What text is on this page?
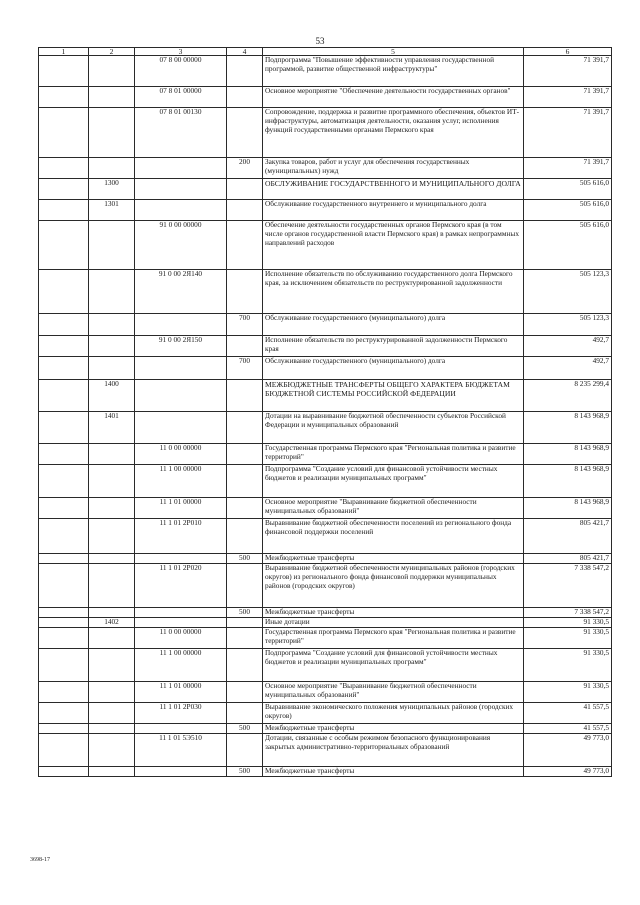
53
1	2	3	4	5	6
		07 8 00 00000		Подпрограмма "Повышение эффективности управления государственной программой, развитие общественной инфраструктуры"	71 391,7
		07 8 01 00000		Основное мероприятие "Обеспечение деятельности государственных органов"	71 391,7
		07 8 01 00130		Сопровождение, поддержка и развитие программного обеспечения, объектов ИТ-инфраструктуры, автоматизация деятельности, оказания услуг, исполнения функций государственными органами Пермского края	71 391,7
			200	Закупка товаров, работ и услуг для обеспечения государственных (муниципальных) нужд	71 391,7
	1300			ОБСЛУЖИВАНИЕ ГОСУДАРСТВЕННОГО И МУНИЦИПАЛЬНОГО ДОЛГА	505 616,0
	1301			Обслуживание государственного внутреннего и муниципального долга	505 616,0
		91 0 00 00000		Обеспечение деятельности государственных органов Пермского края (в том числе органов государственной власти Пермского края) в рамках непрограммных направлений расходов	505 616,0
		91 0 00 2Я140		Исполнение обязательств по обслуживанию государственного долга Пермского края, за исключением обязательств по реструктурированной задолженности	505 123,3
			700	Обслуживание государственного (муниципального) долга	505 123,3
		91 0 00 2Я150		Исполнение обязательств по реструктурированной задолженности Пермского края	492,7
			700	Обслуживание государственного (муниципального) долга	492,7
	1400			МЕЖБЮДЖЕТНЫЕ ТРАНСФЕРТЫ ОБЩЕГО ХАРАКТЕРА БЮДЖЕТАМ БЮДЖЕТНОЙ СИСТЕМЫ РОССИЙСКОЙ ФЕДЕРАЦИИ	8 235 299,4
	1401			Дотации на выравнивание бюджетной обеспеченности субъектов Российской Федерации и муниципальных образований	8 143 968,9
		11 0 00 00000		Государственная программа Пермского края "Региональная политика и развитие территорий"	8 143 968,9
		11 1 00 00000		Подпрограмма "Создание условий для финансовой устойчивости местных бюджетов и реализации муниципальных программ"	8 143 968,9
		11 1 01 00000		Основное мероприятие "Выравнивание бюджетной обеспеченности муниципальных образований"	8 143 968,9
		11 1 01 2Р010		Выравнивание бюджетной обеспеченности поселений из регионального фонда финансовой поддержки поселений	805 421,7
			500	Межбюджетные трансферты	805 421,7
		11 1 01 2Р020		Выравнивание бюджетной обеспеченности муниципальных районов (городских округов) из регионального фонда финансовой поддержки муниципальных районов (городских округов)	7 338 547,2
			500	Межбюджетные трансферты	7 338 547,2
	1402			Иные дотации	91 330,5
		11 0 00 00000		Государственная программа Пермского края "Региональная политика и развитие территорий"	91 330,5
		11 1 00 00000		Подпрограмма "Создание условий для финансовой устойчивости местных бюджетов и реализации муниципальных программ"	91 330,5
		11 1 01 00000		Основное мероприятие "Выравнивание бюджетной обеспеченности муниципальных образований"	91 330,5
		11 1 01 2Р030		Выравнивание экономического положения муниципальных районов (городских округов)	41 557,5
			500	Межбюджетные трансферты	41 557,5
		11 1 01 5Э510		Дотации, связанные с особым режимом безопасного функционирования закрытых административно-территориальных образований	49 773,0
			500	Межбюджетные трансферты	49 773,0
3698-17
